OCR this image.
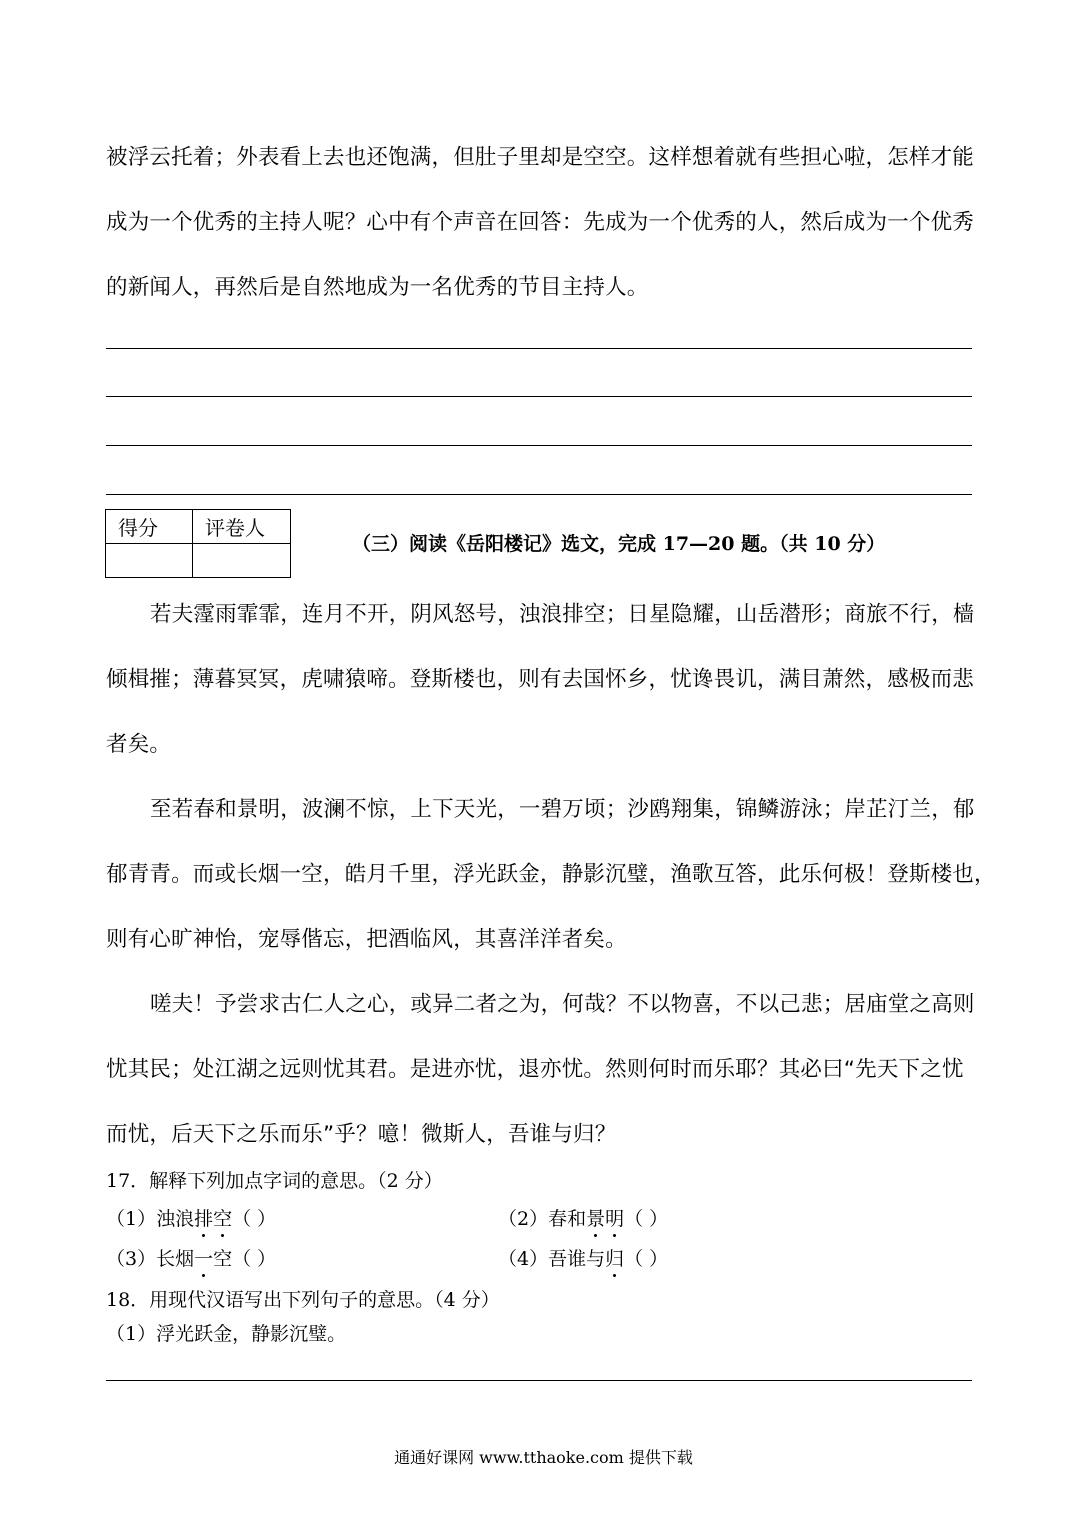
被浮云托着；外表看上去也还饱满，但肚子里却是空空。这样想着就有些担心啦，怎样才能

成为一个优秀的主持人呢？心中有个声音在回答：先成为一个优秀的人，然后成为一个优秀

的新闻人，再然后是自然地成为一名优秀的节目主持人。

得分	评卷人

（三）阅读《岳阳楼记》选文，完成 17—20 题。（共 10 分）

若夫霪雨霏霏，连月不开，阴风怒号，浊浪排空；日星隐耀，山岳潜形；商旅不行，樯

倾楫摧；薄暮冥冥，虎啸猿啼。登斯楼也，则有去国怀乡，忧谗畏讥，满目萧然，感极而悲

者矣。

至若春和景明，波澜不惊，上下天光，一碧万顷；沙鸥翔集，锦鳞游泳；岸芷汀兰，郁

郁青青。而或长烟一空，皓月千里，浮光跃金，静影沉璧，渔歌互答，此乐何极！登斯楼也，

则有心旷神怡，宠辱偕忘，把酒临风，其喜洋洋者矣。

嗟夫！予尝求古仁人之心，或异二者之为，何哉？不以物喜，不以己悲；居庙堂之高则

忧其民；处江湖之远则忧其君。是进亦忧，退亦忧。然则何时而乐耶？其必曰“先天下之忧

而忧，后天下之乐而乐”乎？噫！微斯人，吾谁与归？

17．解释下列加点字词的意思。（2 分）

（1）浊浪排空（ ）	（2）春和景明（ ）

（3）长烟一空（ ）	（4）吾谁与归（ ）

18．用现代汉语写出下列句子的意思。（4 分）

（1）浮光跃金，静影沉璧。

通通好课网 www.tthaoke.com 提供下载
